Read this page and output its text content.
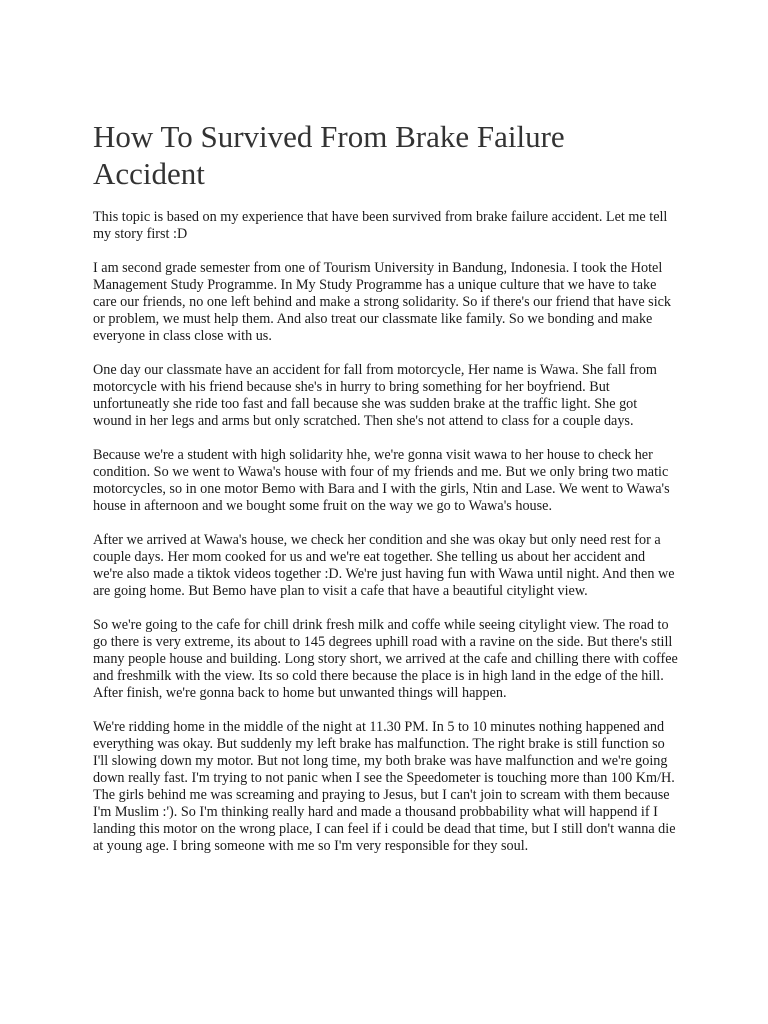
How To Survived From Brake Failure Accident

This topic is based on my experience that have been survived from brake failure accident. Let me tell my story first :D

I am second grade semester from one of Tourism University in Bandung, Indonesia. I took the Hotel Management Study Programme. In My Study Programme has a unique culture that we have to take care our friends, no one left behind and make a strong solidarity. So if there's our friend that have sick or problem, we must help them. And also treat our classmate like family. So we bonding and make everyone in class close with us.

One day our classmate have an accident for fall from motorcycle, Her name is Wawa. She fall from motorcycle with his friend because she's in hurry to bring something for her boyfriend. But unfortuneatly she ride too fast and fall because she was sudden brake at the traffic light. She got wound in her legs and arms but only scratched. Then she's not attend to class for a couple days.

Because we're a student with high solidarity hhe, we're gonna visit wawa to her house to check her condition. So we went to Wawa's house with four of my friends and me. But we only bring two matic motorcycles, so in one motor Bemo with Bara and I with the girls, Ntin and Lase. We went to Wawa's house in afternoon and we bought some fruit on the way we go to Wawa's house.

After we arrived at Wawa's house, we check her condition and she was okay but only need rest for a couple days. Her mom cooked for us and we're eat together. She telling us about her accident and we're also made a tiktok videos together :D. We're just having fun with Wawa until night. And then we are going home. But Bemo have plan to visit a cafe that have a beautiful citylight view.

So we're going to the cafe for chill drink fresh milk and coffe while seeing citylight view. The road to go there is very extreme, its about to 145 degrees uphill road with a ravine on the side. But there's still many people house and building. Long story short, we arrived at the cafe and chilling there with coffee and freshmilk with the view. Its so cold there because the place is in high land in the edge of the hill. After finish, we're gonna back to home but unwanted things will happen.

We're ridding home in the middle of the night at 11.30 PM. In 5 to 10 minutes nothing happened and everything was okay. But suddenly my left brake has malfunction. The right brake is still function so I'll slowing down my motor. But not long time, my both brake was have malfunction and we're going down really fast. I'm trying to not panic when I see the Speedometer is touching more than 100 Km/H. The girls behind me was screaming and praying to Jesus, but I can't join to scream with them because I'm Muslim :'). So I'm thinking really hard and made a thousand probbability what will happend if I landing this motor on the wrong place, I can feel if i could be dead that time, but I still don't wanna die at young age. I bring someone with me so I'm very responsible for they soul.
